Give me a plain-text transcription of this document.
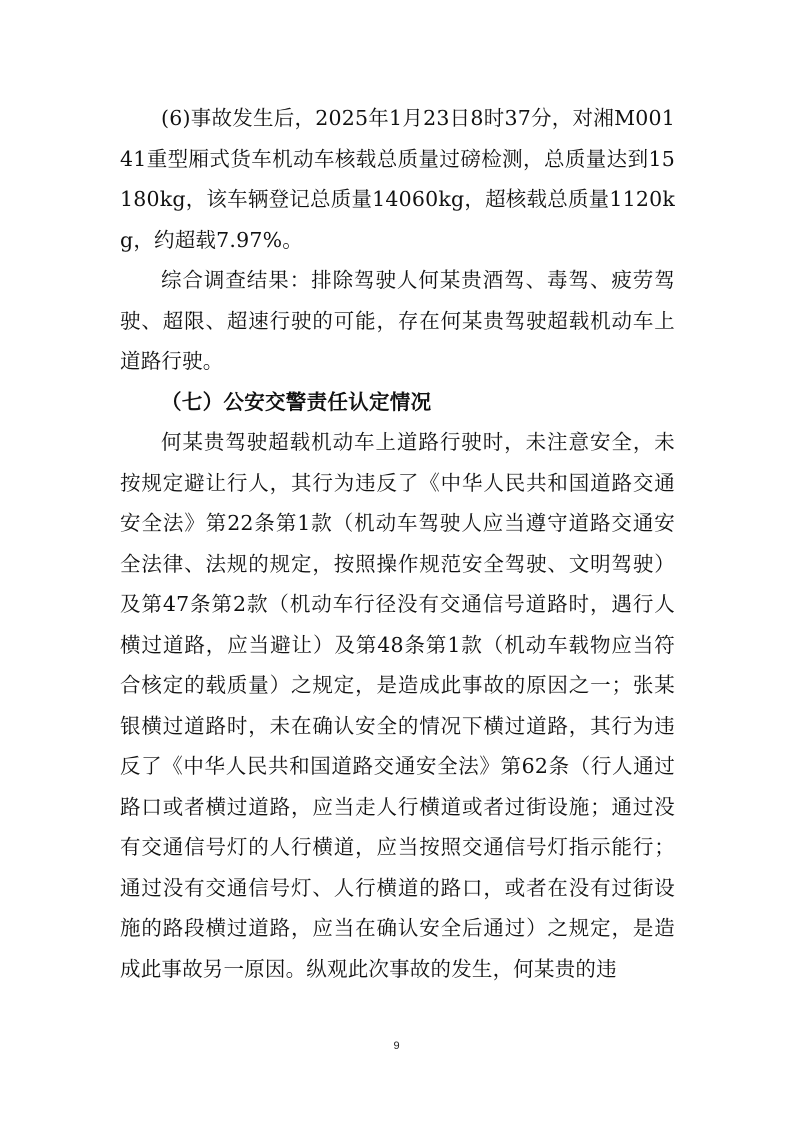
(6)事故发生后，2025年1月23日8时37分，对湘M00141重型厢式货车机动车核载总质量过磅检测，总质量达到15180kg，该车辆登记总质量14060kg，超核载总质量1120kg，约超载7.97%。

综合调查结果：排除驾驶人何某贵酒驾、毒驾、疲劳驾驶、超限、超速行驶的可能，存在何某贵驾驶超载机动车上道路行驶。

（七）公安交警责任认定情况

何某贵驾驶超载机动车上道路行驶时，未注意安全，未按规定避让行人，其行为违反了《中华人民共和国道路交通安全法》第22条第1款（机动车驾驶人应当遵守道路交通安全法律、法规的规定，按照操作规范安全驾驶、文明驾驶）及第47条第2款（机动车行径没有交通信号道路时，遇行人横过道路，应当避让）及第48条第1款（机动车载物应当符合核定的载质量）之规定，是造成此事故的原因之一；张某银横过道路时，未在确认安全的情况下横过道路，其行为违反了《中华人民共和国道路交通安全法》第62条（行人通过路口或者横过道路，应当走人行横道或者过街设施；通过没有交通信号灯的人行横道，应当按照交通信号灯指示能行；通过没有交通信号灯、人行横道的路口，或者在没有过街设施的路段横过道路，应当在确认安全后通过）之规定，是造成此事故另一原因。纵观此次事故的发生，何某贵的违

9
